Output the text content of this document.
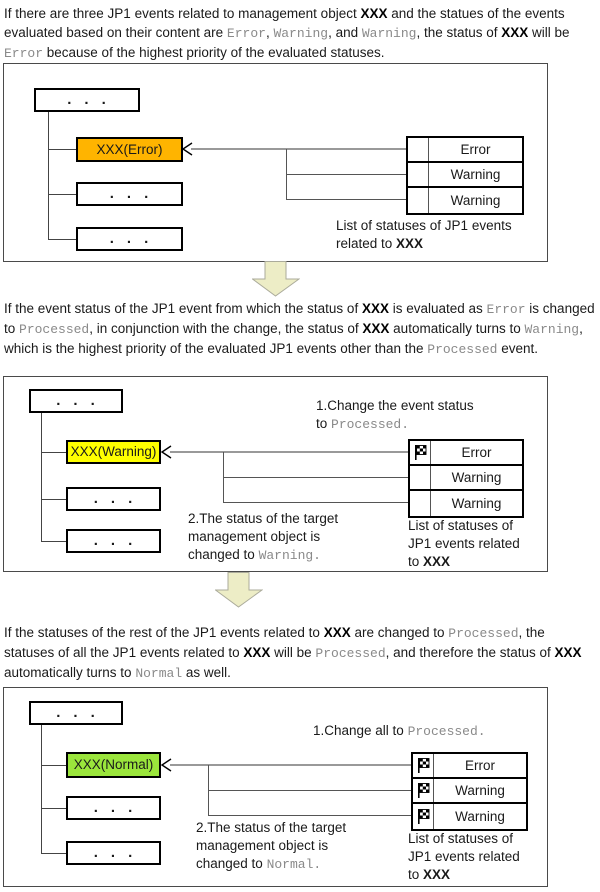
If there are three JP1 events related to management object XXX and the statues of the events evaluated based on their content are Error, Warning, and Warning, the status of XXX will be Error because of the highest priority of the evaluated statuses.

...
XXX(Error)
...
...
Error
Warning
Warning
List of statuses of JP1 events
related to XXX

If the event status of the JP1 event from which the status of XXX is evaluated as Error is changed to Processed, in conjunction with the change, the status of XXX automatically turns to Warning, which is the highest priority of the evaluated JP1 events other than the Processed event.

...
XXX(Warning)
...
...
1.Change the event status
to Processed.
Error
Warning
Warning
2.The status of the target
management object is
changed to Warning.
List of statuses of
JP1 events related
to XXX

If the statuses of the rest of the JP1 events related to XXX are changed to Processed, the statuses of all the JP1 events related to XXX will be Processed, and therefore the status of XXX automatically turns to Normal as well.

...
XXX(Normal)
...
...
1.Change all to Processed.
Error
Warning
Warning
2.The status of the target
management object is
changed to Normal.
List of statuses of
JP1 events related
to XXX
